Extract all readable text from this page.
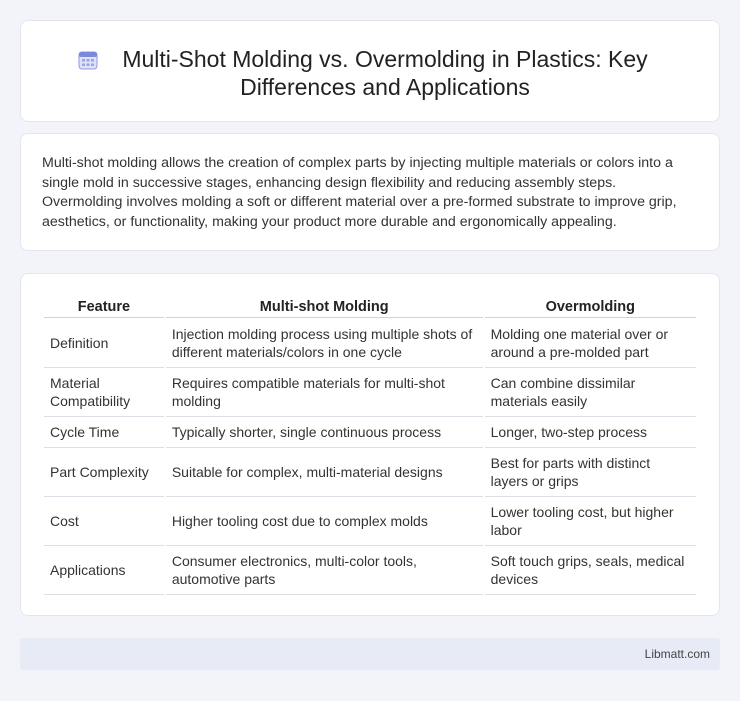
Multi-Shot Molding vs. Overmolding in Plastics: Key Differences and Applications

Multi-shot molding allows the creation of complex parts by injecting multiple materials or colors into a single mold in successive stages, enhancing design flexibility and reducing assembly steps. Overmolding involves molding a soft or different material over a pre-formed substrate to improve grip, aesthetics, or functionality, making your product more durable and ergonomically appealing.

Feature	Multi-shot Molding	Overmolding
Definition	Injection molding process using multiple shots of different materials/colors in one cycle	Molding one material over or around a pre-molded part
Material Compatibility	Requires compatible materials for multi-shot molding	Can combine dissimilar materials easily
Cycle Time	Typically shorter, single continuous process	Longer, two-step process
Part Complexity	Suitable for complex, multi-material designs	Best for parts with distinct layers or grips
Cost	Higher tooling cost due to complex molds	Lower tooling cost, but higher labor
Applications	Consumer electronics, multi-color tools, automotive parts	Soft touch grips, seals, medical devices
Libmatt.com
